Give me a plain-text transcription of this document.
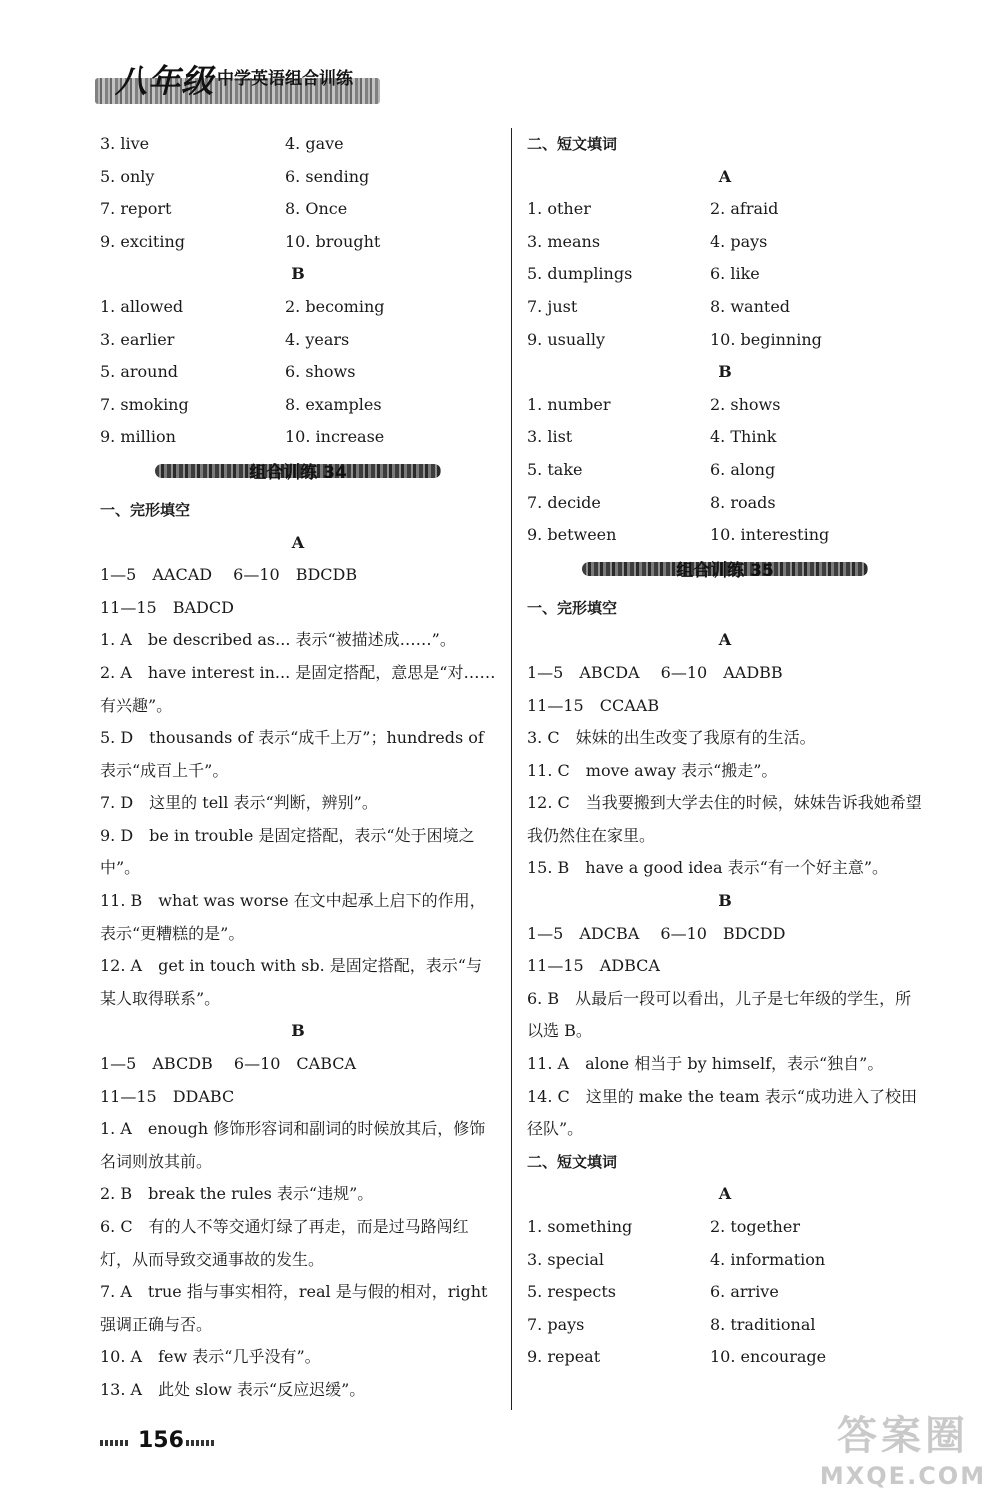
八年级 中学英语组合训练
3. live	4. gave
5. only	6. sending
7. report	8. Once
9. exciting	10. brought
B
1. allowed	2. becoming
3. earlier	4. years
5. around	6. shows
7. smoking	8. examples
9. million	10. increase
组合训练 34
一、完形填空
A
1—5　AACAD　 6—10　BDCDB
11—15　BADCD
1. A　be described as... 表示“被描述成……”。
2. A　have interest in... 是固定搭配，意思是“对……有兴趣”。
5. D　thousands of 表示“成千上万”；hundreds of 表示“成百上千”。
7. D　这里的 tell 表示“判断，辨别”。
9. D　be in trouble 是固定搭配，表示“处于困境之中”。
11. B　what was worse 在文中起承上启下的作用，表示“更糟糕的是”。
12. A　get in touch with sb. 是固定搭配，表示“与某人取得联系”。
B
1—5　ABCDB　 6—10　CABCA
11—15　DDABC
1. A　enough 修饰形容词和副词的时候放其后，修饰名词则放其前。
2. B　break the rules 表示“违规”。
6. C　有的人不等交通灯绿了再走，而是过马路闯红灯，从而导致交通事故的发生。
7. A　true 指与事实相符，real 是与假的相对，right 强调正确与否。
10. A　few 表示“几乎没有”。
13. A　此处 slow 表示“反应迟缓”。
二、短文填词
A
1. other	2. afraid
3. means	4. pays
5. dumplings	6. like
7. just	8. wanted
9. usually	10. beginning
B
1. number	2. shows
3. list	4. Think
5. take	6. along
7. decide	8. roads
9. between	10. interesting
组合训练 35
一、完形填空
A
1—5　ABCDA　 6—10　AADBB
11—15　CCAAB
3. C　妹妹的出生改变了我原有的生活。
11. C　move away 表示“搬走”。
12. C　当我要搬到大学去住的时候，妹妹告诉我她希望我仍然住在家里。
15. B　have a good idea 表示“有一个好主意”。
B
1—5　ADCBA　 6—10　BDCDD
11—15　ADBCA
6. B　从最后一段可以看出，儿子是七年级的学生，所以选 B。
11. A　alone 相当于 by himself，表示“独自”。
14. C　这里的 make the team 表示“成功进入了校田径队”。
二、短文填词
A
1. something	2. together
3. special	4. information
5. respects	6. arrive
7. pays	8. traditional
9. repeat	10. encourage
156	答案圈
MXQE.COM
